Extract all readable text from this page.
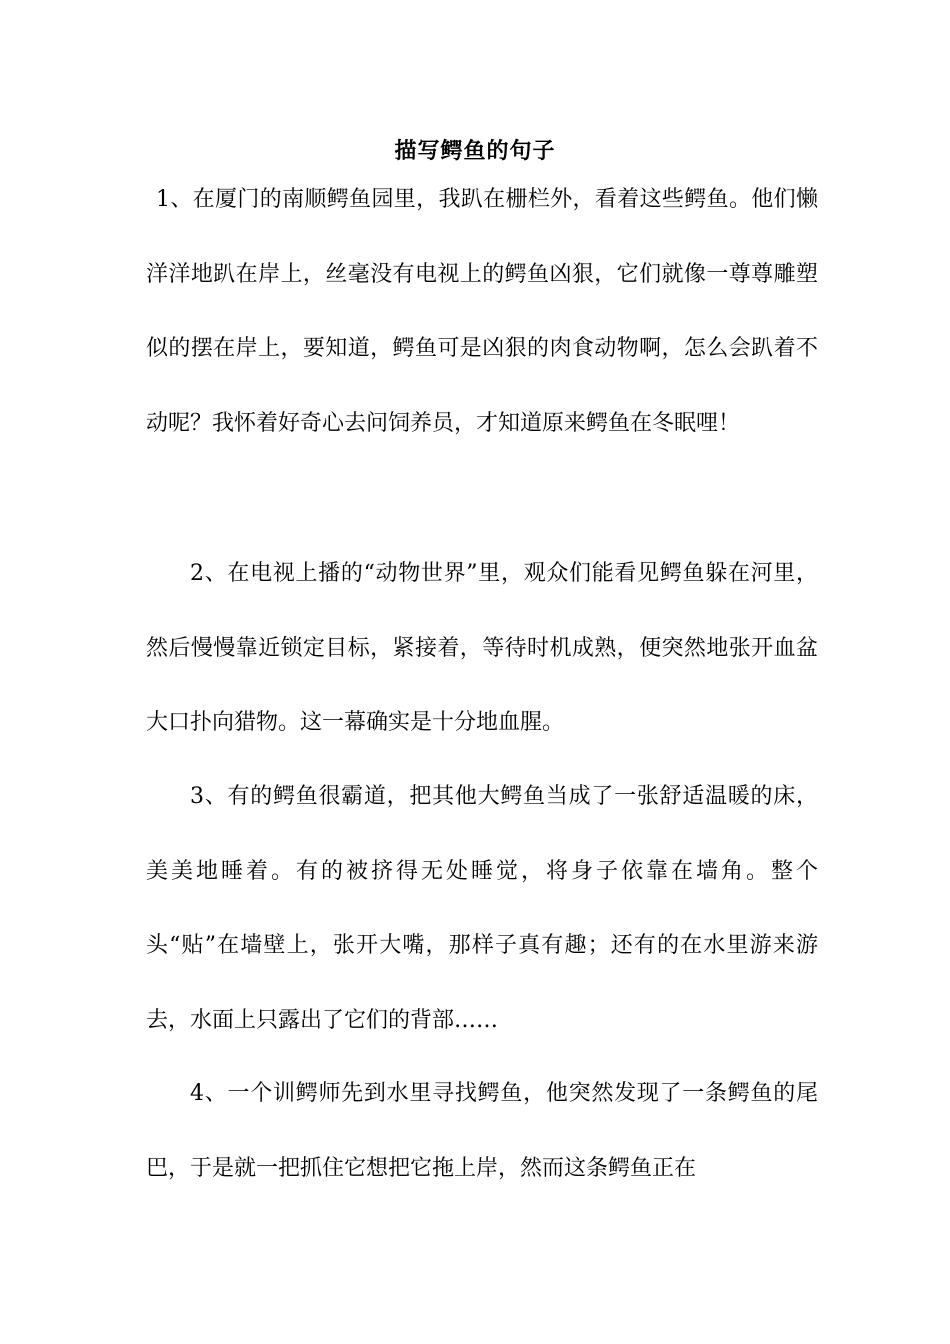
描写鳄鱼的句子
1、在厦门的南顺鳄鱼园里，我趴在栅栏外，看着这些鳄鱼。他们懒洋洋地趴在岸上，丝毫没有电视上的鳄鱼凶狠，它们就像一尊尊雕塑似的摆在岸上，要知道，鳄鱼可是凶狠的肉食动物啊，怎么会趴着不动呢？我怀着好奇心去问饲养员，才知道原来鳄鱼在冬眠哩！
2、在电视上播的“动物世界”里，观众们能看见鳄鱼躲在河里，然后慢慢靠近锁定目标，紧接着，等待时机成熟，便突然地张开血盆大口扑向猎物。这一幕确实是十分地血腥。
3、有的鳄鱼很霸道，把其他大鳄鱼当成了一张舒适温暖的床，美美地睡着。有的被挤得无处睡觉，将身子依靠在墙角。整个头“贴”在墙壁上，张开大嘴，那样子真有趣；还有的在水里游来游去，水面上只露出了它们的背部……
4、一个训鳄师先到水里寻找鳄鱼，他突然发现了一条鳄鱼的尾巴，于是就一把抓住它想把它拖上岸，然而这条鳄鱼正在
